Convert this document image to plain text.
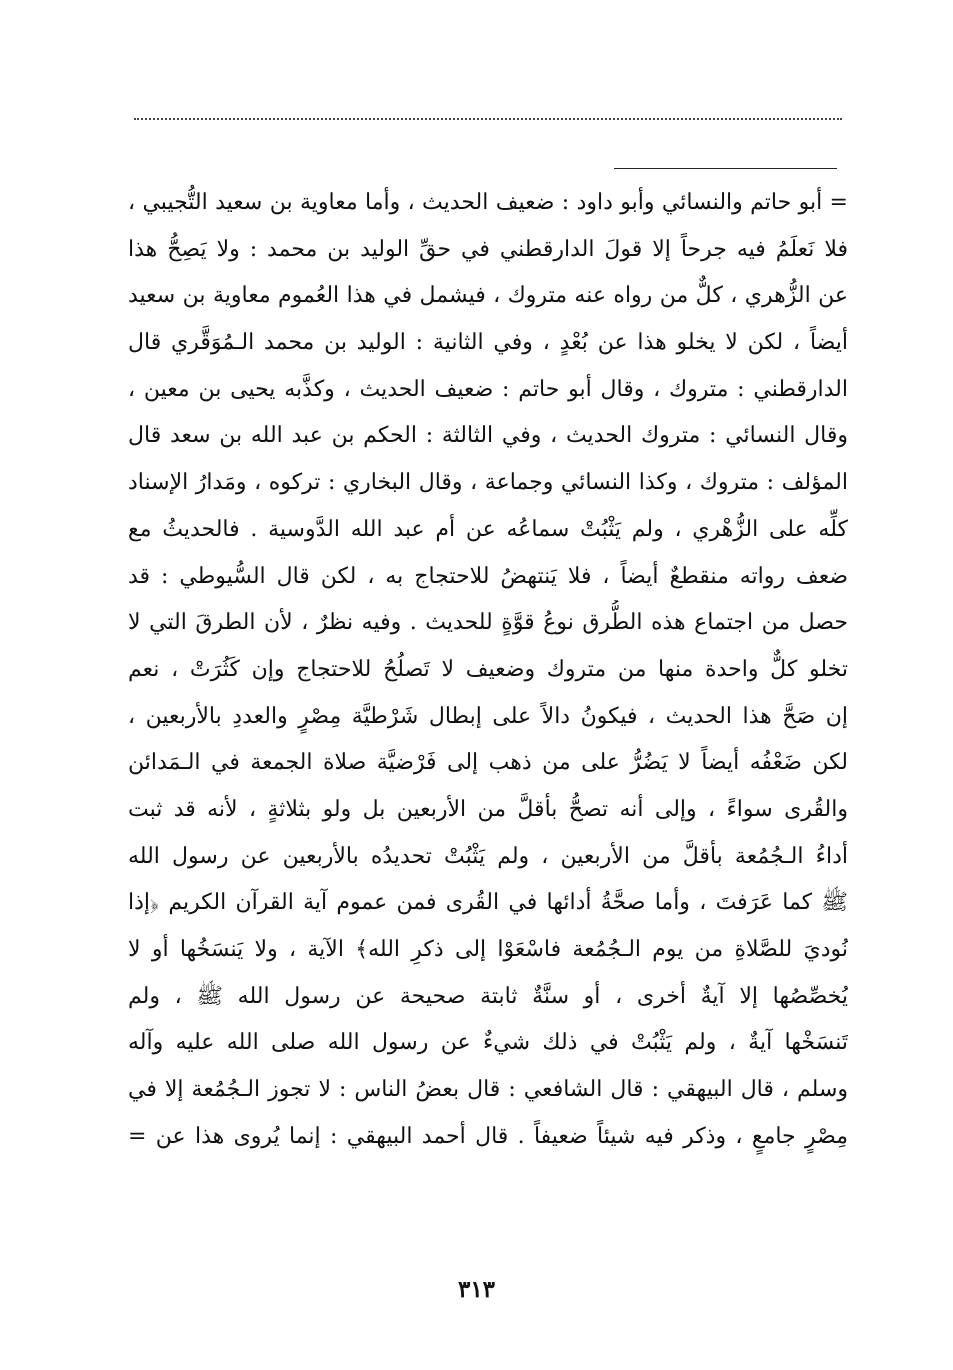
= أبو حاتم والنسائي وأبو داود : ضعيف الحديث ، وأما معاوية بن سعيد التُّجيبي ،
فلا نَعلَمُ فيه جرحاً إلا قولَ الدارقطني في حقِّ الوليد بن محمد : ولا يَصِحُّ هذا
عن الزُّهري ، كلٌّ من رواه عنه متروك ، فيشمل في هذا العُموم معاوية بن سعيد
أيضاً ، لكن لا يخلو هذا عن بُعْدٍ ، وفي الثانية : الوليد بن محمد الـمُوَقَّري قال
الدارقطني : متروك ، وقال أبو حاتم : ضعيف الحديث ، وكذَّبه يحيى بن معين ،
وقال النسائي : متروك الحديث ، وفي الثالثة : الحكم بن عبد الله بن سعد قال
المؤلف : متروك ، وكذا النسائي وجماعة ، وقال البخاري : تركوه ، ومَدارُ الإسناد
كلِّه على الزُّهْري ، ولم يَثْبُتْ سماعُه عن أم عبد الله الدَّوسية . فالحديثُ مع
ضعف رواته منقطعٌ أيضاً ، فلا يَنتهضُ للاحتجاج به ، لكن قال السُّيوطي : قد
حصل من اجتماع هذه الطُّرق نوعُ قوَّةٍ للحديث . وفيه نظرٌ ، لأن الطرقَ التي لا
تخلو كلٌّ واحدة منها من متروك وضعيف لا تَصلُحُ للاحتجاج وإن كَثُرَتْ ، نعم
إن صَحَّ هذا الحديث ، فيكونُ دالاً على إبطال شَرْطيَّة مِصْرٍ والعددِ بالأربعين ،
لكن ضَعْفُه أيضاً لا يَضُرُّ على من ذهب إلى فَرْضيَّة صلاة الجمعة في الـمَدائن
والقُرى سواءً ، وإلى أنه تصحُّ بأقلَّ من الأربعين بل ولو بثلاثةٍ ، لأنه قد ثبت
أداءُ الـجُمُعة بأقلَّ من الأربعين ، ولم يَثْبُتْ تحديدُه بالأربعين عن رسول الله
ﷺ كما عَرَفتَ ، وأما صحَّةُ أدائها في القُرى فمن عموم آية القرآن الكريم ﴿إذا
نُوديَ للصَّلاةِ من يوم الـجُمُعة فاسْعَوْا إلى ذكرِ الله﴾ الآية ، ولا يَنسَخُها أو لا
يُخصِّصُها إلا آيةٌ أخرى ، أو سنَّةٌ ثابتة صحيحة عن رسول الله ﷺ ، ولم
تَنسَخْها آيةٌ ، ولم يَثْبُتْ في ذلك شيءٌ عن رسول الله صلى الله عليه وآله
وسلم ، قال البيهقي : قال الشافعي : قال بعضُ الناس : لا تجوز الـجُمُعة إلا في
مِصْرٍ جامعٍ ، وذكر فيه شيئاً ضعيفاً . قال أحمد البيهقي : إنما يُروى هذا عن =
٣١٣
